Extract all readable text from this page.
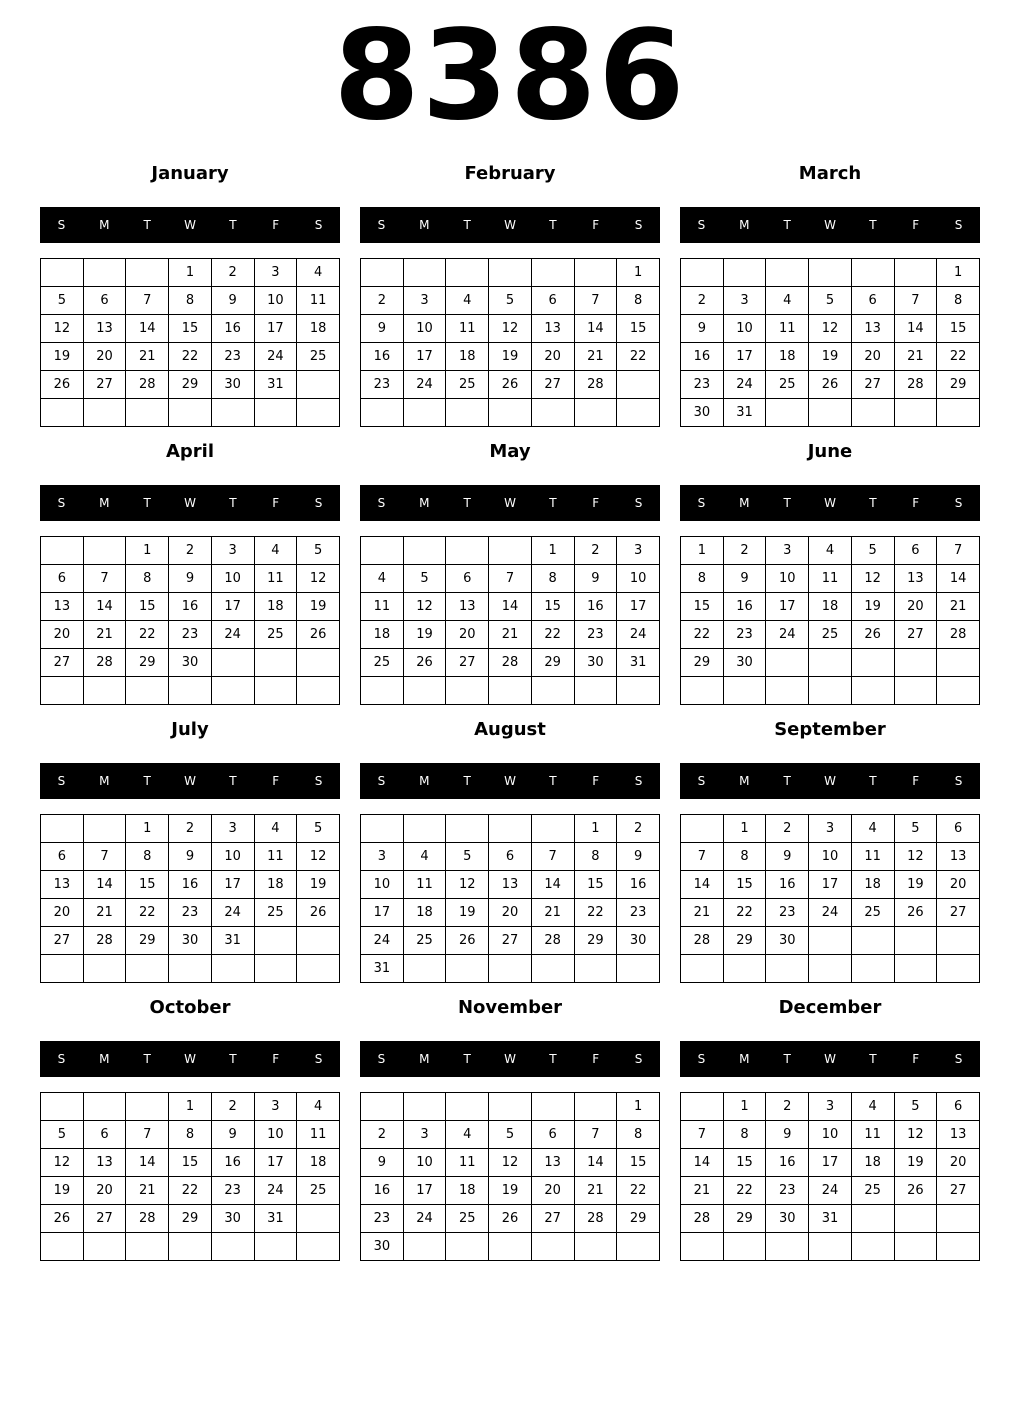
8386
January
S	M	T	W	T	F	S
			1	2	3	4
5	6	7	8	9	10	11
12	13	14	15	16	17	18
19	20	21	22	23	24	25
26	27	28	29	30	31	

February
S	M	T	W	T	F	S
						1
2	3	4	5	6	7	8
9	10	11	12	13	14	15
16	17	18	19	20	21	22
23	24	25	26	27	28	

March
S	M	T	W	T	F	S
						1
2	3	4	5	6	7	8
9	10	11	12	13	14	15
16	17	18	19	20	21	22
23	24	25	26	27	28	29
30	31					
April
S	M	T	W	T	F	S
		1	2	3	4	5
6	7	8	9	10	11	12
13	14	15	16	17	18	19
20	21	22	23	24	25	26
27	28	29	30			

May
S	M	T	W	T	F	S
				1	2	3
4	5	6	7	8	9	10
11	12	13	14	15	16	17
18	19	20	21	22	23	24
25	26	27	28	29	30	31

June
S	M	T	W	T	F	S
1	2	3	4	5	6	7
8	9	10	11	12	13	14
15	16	17	18	19	20	21
22	23	24	25	26	27	28
29	30					

July
S	M	T	W	T	F	S
		1	2	3	4	5
6	7	8	9	10	11	12
13	14	15	16	17	18	19
20	21	22	23	24	25	26
27	28	29	30	31		

August
S	M	T	W	T	F	S
					1	2
3	4	5	6	7	8	9
10	11	12	13	14	15	16
17	18	19	20	21	22	23
24	25	26	27	28	29	30
31						
September
S	M	T	W	T	F	S
	1	2	3	4	5	6
7	8	9	10	11	12	13
14	15	16	17	18	19	20
21	22	23	24	25	26	27
28	29	30				

October
S	M	T	W	T	F	S
			1	2	3	4
5	6	7	8	9	10	11
12	13	14	15	16	17	18
19	20	21	22	23	24	25
26	27	28	29	30	31	

November
S	M	T	W	T	F	S
						1
2	3	4	5	6	7	8
9	10	11	12	13	14	15
16	17	18	19	20	21	22
23	24	25	26	27	28	29
30						
December
S	M	T	W	T	F	S
	1	2	3	4	5	6
7	8	9	10	11	12	13
14	15	16	17	18	19	20
21	22	23	24	25	26	27
28	29	30	31			
